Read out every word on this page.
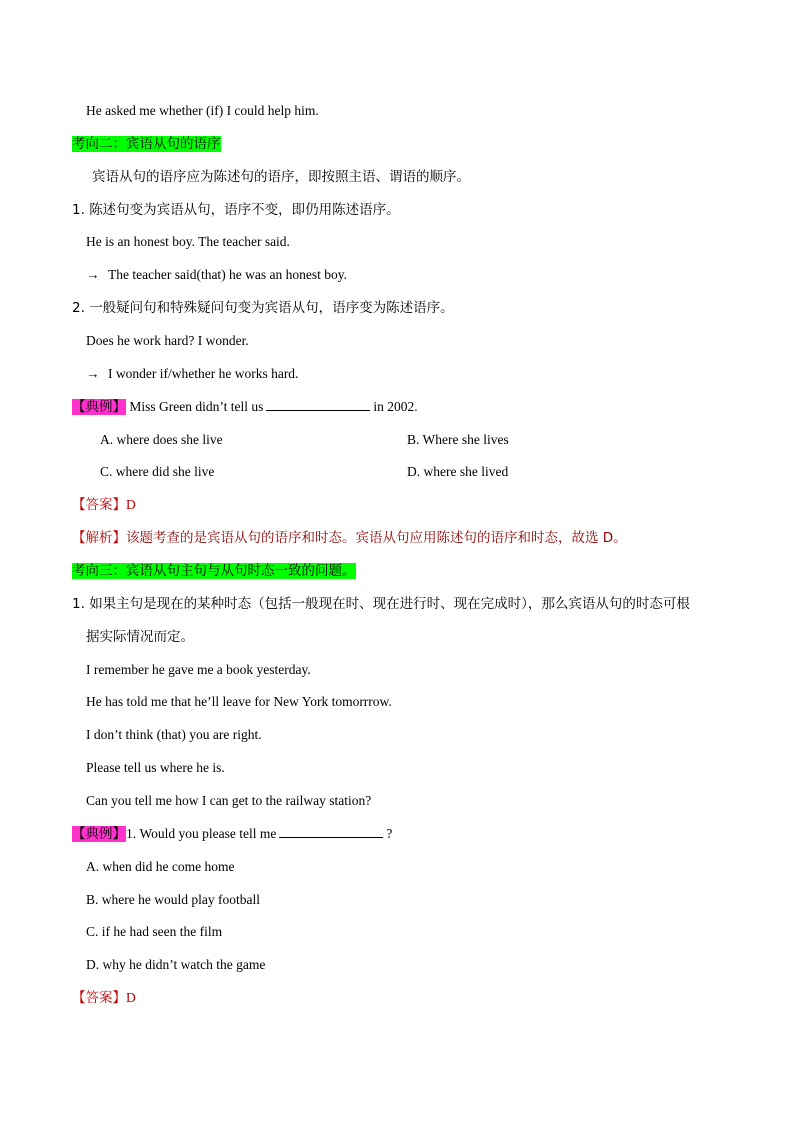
He asked me whether (if) I could help him.
考向二：宾语从句的语序
宾语从句的语序应为陈述句的语序，即按照主语、谓语的顺序。
1. 陈述句变为宾语从句，语序不变，即仍用陈述语序。
He is an honest boy. The teacher said.
→ The teacher said(that) he was an honest boy.
2. 一般疑问句和特殊疑问句变为宾语从句，语序变为陈述语序。
Does he work hard? I wonder.
→ I wonder if/whether he works hard.
【典例】 Miss Green didn’t tell us	in 2002.
A. where does she live	B. Where she lives
C. where did she live	D. where she lived
【答案】D
【解析】该题考查的是宾语从句的语序和时态。宾语从句应用陈述句的语序和时态，故选 D。
考向三：宾语从句主句与从句时态一致的问题。
1. 如果主句是现在的某种时态（包括一般现在时、现在进行时、现在完成时），那么宾语从句的时态可根
据实际情况而定。
I remember he gave me a book yesterday.
He has told me that he’ll leave for New York tomorrrow.
I don’t think (that) you are right.
Please tell us where he is.
Can you tell me how I can get to the railway station?
【典例】1. Would you please tell me	?
A. when did he come home
B. where he would play football
C. if he had seen the film
D. why he didn’t watch the game
【答案】D
